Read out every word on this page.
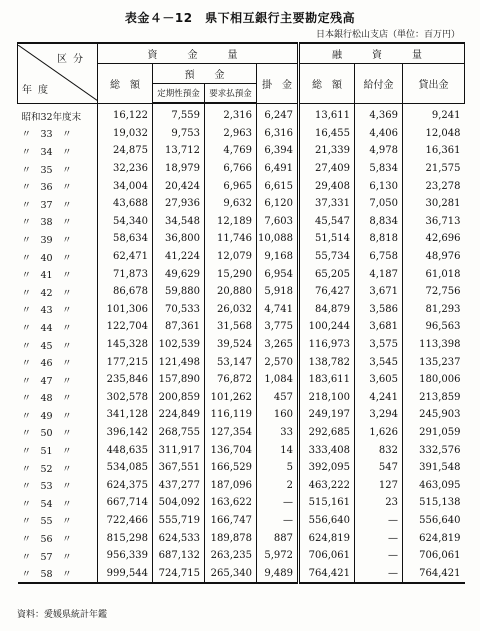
表金４－12　県下相互銀行主要勘定残高
日本銀行松山支店（単位：百万円）
区分
年度	資　金　量				融　資　量		
	総　額	預　　金		掛　金	総　額	給付金	貸出金
		定期性預金	要求払預金				
昭和32年度末	16,122	7,559	2,316	6,247	13,611	4,369	9,241
〃　33　〃	19,032	9,753	2,963	6,316	16,455	4,406	12,048
〃　34　〃	24,875	13,712	4,769	6,394	21,339	4,978	16,361
〃　35　〃	32,236	18,979	6,766	6,491	27,409	5,834	21,575
〃　36　〃	34,004	20,424	6,965	6,615	29,408	6,130	23,278
〃　37　〃	43,688	27,936	9,632	6,120	37,331	7,050	30,281
〃　38　〃	54,340	34,548	12,189	7,603	45,547	8,834	36,713
〃　39　〃	58,634	36,800	11,746	10,088	51,514	8,818	42,696
〃　40　〃	62,471	41,224	12,079	9,168	55,734	6,758	48,976
〃　41　〃	71,873	49,629	15,290	6,954	65,205	4,187	61,018
〃　42　〃	86,678	59,880	20,880	5,918	76,427	3,671	72,756
〃　43　〃	101,306	70,533	26,032	4,741	84,879	3,586	81,293
〃　44　〃	122,704	87,361	31,568	3,775	100,244	3,681	96,563
〃　45　〃	145,328	102,539	39,524	3,265	116,973	3,575	113,398
〃　46　〃	177,215	121,498	53,147	2,570	138,782	3,545	135,237
〃　47　〃	235,846	157,890	76,872	1,084	183,611	3,605	180,006
〃　48　〃	302,578	200,859	101,262	457	218,100	4,241	213,859
〃　49　〃	341,128	224,849	116,119	160	249,197	3,294	245,903
〃　50　〃	396,142	268,755	127,354	33	292,685	1,626	291,059
〃　51　〃	448,635	311,917	136,704	14	333,408	832	332,576
〃　52　〃	534,085	367,551	166,529	5	392,095	547	391,548
〃　53　〃	624,375	437,277	187,096	2	463,222	127	463,095
〃　54　〃	667,714	504,092	163,622	—	515,161	23	515,138
〃　55　〃	722,466	555,719	166,747	—	556,640	—	556,640
〃　56　〃	815,298	624,533	189,878	887	624,819	—	624,819
〃　57　〃	956,339	687,132	263,235	5,972	706,061	—	706,061
〃　58　〃	999,544	724,715	265,340	9,489	764,421	—	764,421
資料：愛媛県統計年鑑
